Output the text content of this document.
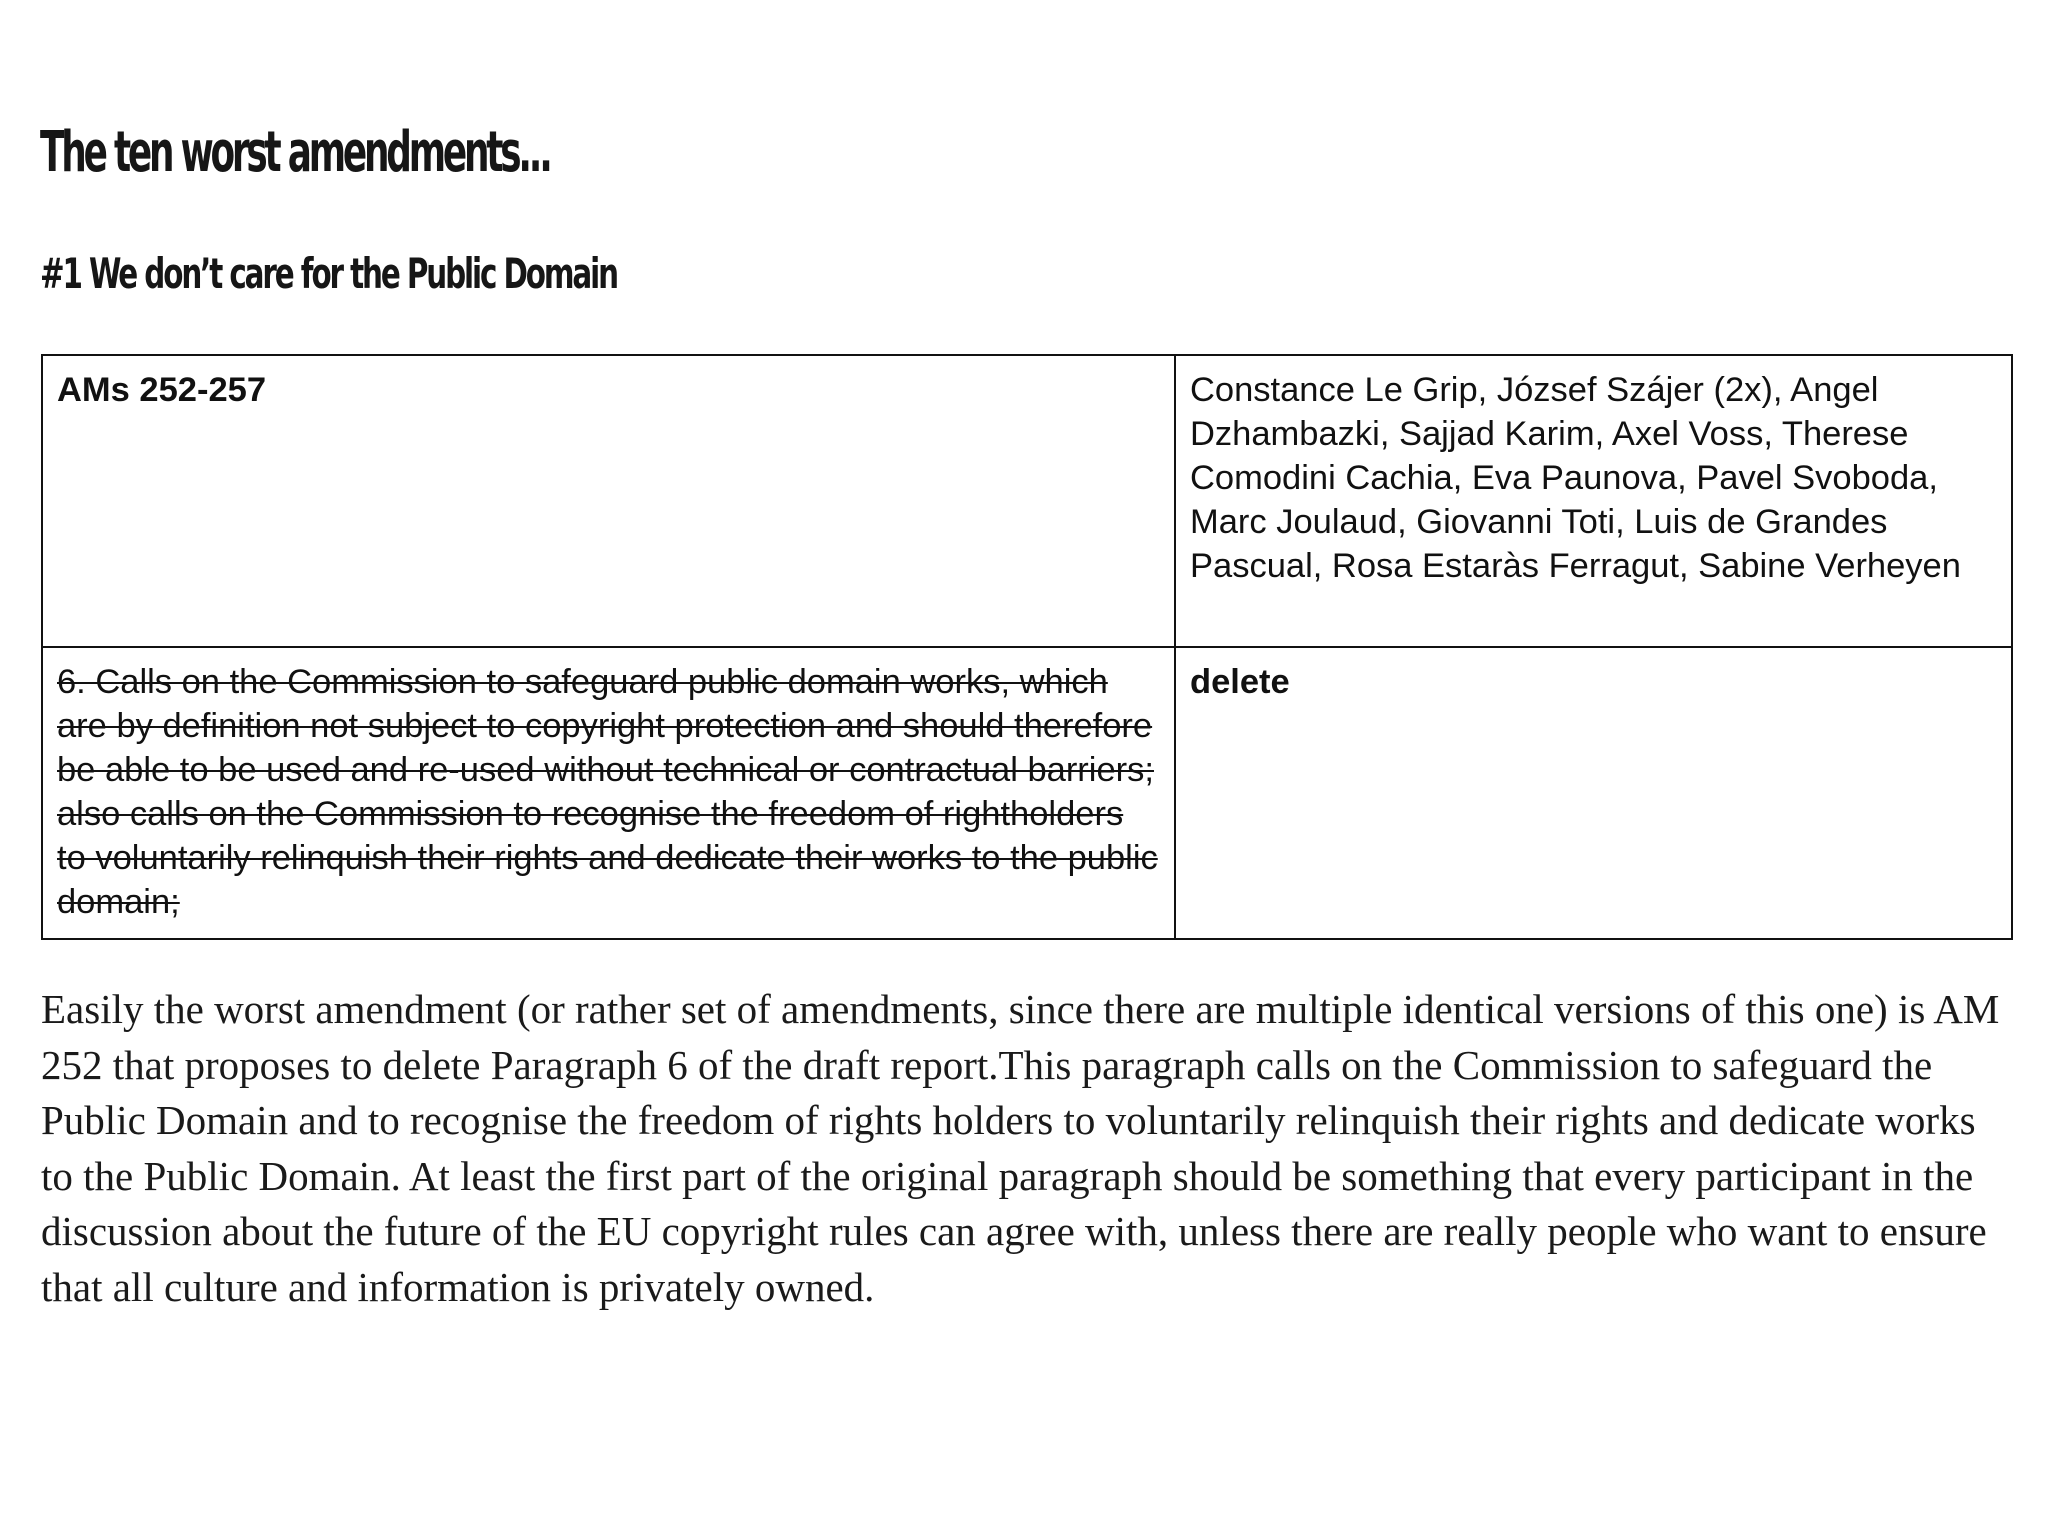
The ten worst amendments...
#1 We don’t care for the Public Domain
AMs 252-257	Constance Le Grip, József Szájer (2x), Angel Dzhambazki, Sajjad Karim, Axel Voss, Therese Comodini Cachia, Eva Paunova, Pavel Svoboda, Marc Joulaud, Giovanni Toti, Luis de Grandes Pascual, Rosa Estaràs Ferragut, Sabine Verheyen
6. Calls on the Commission to safeguard public domain works, which are by definition not subject to copyright protection and should therefore be able to be used and re-used without technical or contractual barriers; also calls on the Commission to recognise the freedom of rightholders to voluntarily relinquish their rights and dedicate their works to the public domain;	delete

Easily the worst amendment (or rather set of amendments, since there are multiple identical versions of this one) is AM 252 that proposes to delete Paragraph 6 of the draft report.This paragraph calls on the Commission to safeguard the Public Domain and to recognise the freedom of rights holders to voluntarily relinquish their rights and dedicate works to the Public Domain. At least the first part of the original paragraph should be something that every participant in the discussion about the future of the EU copyright rules can agree with, unless there are really people who want to ensure that all culture and information is privately owned.
